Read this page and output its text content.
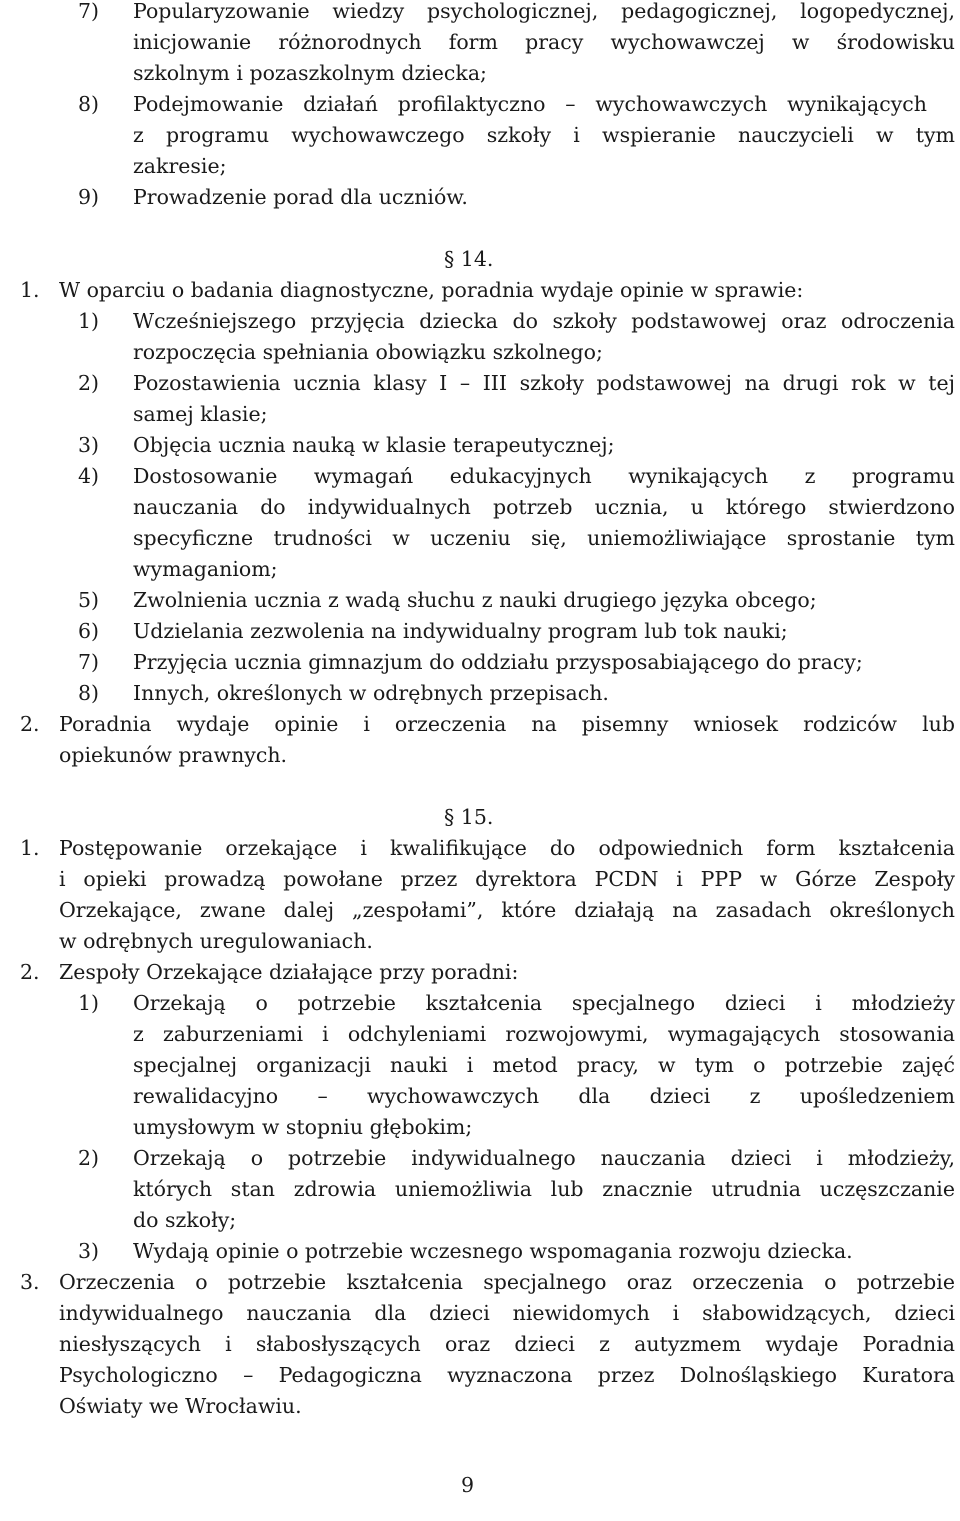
7) Popularyzowanie wiedzy psychologicznej, pedagogicznej, logopedycznej,
inicjowanie różnorodnych form pracy wychowawczej w środowisku
szkolnym i pozaszkolnym dziecka;
8) Podejmowanie działań profilaktyczno – wychowawczych wynikających
z programu wychowawczego szkoły i wspieranie nauczycieli w tym
zakresie;
9) Prowadzenie porad dla uczniów.
§ 14.
1. W oparciu o badania diagnostyczne, poradnia wydaje opinie w sprawie:
1) Wcześniejszego przyjęcia dziecka do szkoły podstawowej oraz odroczenia
rozpoczęcia spełniania obowiązku szkolnego;
2) Pozostawienia ucznia klasy I – III szkoły podstawowej na drugi rok w tej
samej klasie;
3) Objęcia ucznia nauką w klasie terapeutycznej;
4) Dostosowanie wymagań edukacyjnych wynikających z programu
nauczania do indywidualnych potrzeb ucznia, u którego stwierdzono
specyficzne trudności w uczeniu się, uniemożliwiające sprostanie tym
wymaganiom;
5) Zwolnienia ucznia z wadą słuchu z nauki drugiego języka obcego;
6) Udzielania zezwolenia na indywidualny program lub tok nauki;
7) Przyjęcia ucznia gimnazjum do oddziału przysposabiającego do pracy;
8) Innych, określonych w odrębnych przepisach.
2. Poradnia wydaje opinie i orzeczenia na pisemny wniosek rodziców lub
opiekunów prawnych.
§ 15.
1. Postępowanie orzekające i kwalifikujące do odpowiednich form kształcenia
i opieki prowadzą powołane przez dyrektora PCDN i PPP w Górze Zespoły
Orzekające, zwane dalej „zespołami”, które działają na zasadach określonych
w odrębnych uregulowaniach.
2. Zespoły Orzekające działające przy poradni:
1) Orzekają o potrzebie kształcenia specjalnego dzieci i młodzieży
z zaburzeniami i odchyleniami rozwojowymi, wymagających stosowania
specjalnej organizacji nauki i metod pracy, w tym o potrzebie zajęć
rewalidacyjno – wychowawczych dla dzieci z upośledzeniem
umysłowym w stopniu głębokim;
2) Orzekają o potrzebie indywidualnego nauczania dzieci i młodzieży,
których stan zdrowia uniemożliwia lub znacznie utrudnia uczęszczanie
do szkoły;
3) Wydają opinie o potrzebie wczesnego wspomagania rozwoju dziecka.
3. Orzeczenia o potrzebie kształcenia specjalnego oraz orzeczenia o potrzebie
indywidualnego nauczania dla dzieci niewidomych i słabowidzących, dzieci
niesłyszących i słabosłyszących oraz dzieci z autyzmem wydaje Poradnia
Psychologiczno – Pedagogiczna wyznaczona przez Dolnośląskiego Kuratora
Oświaty we Wrocławiu.
9
